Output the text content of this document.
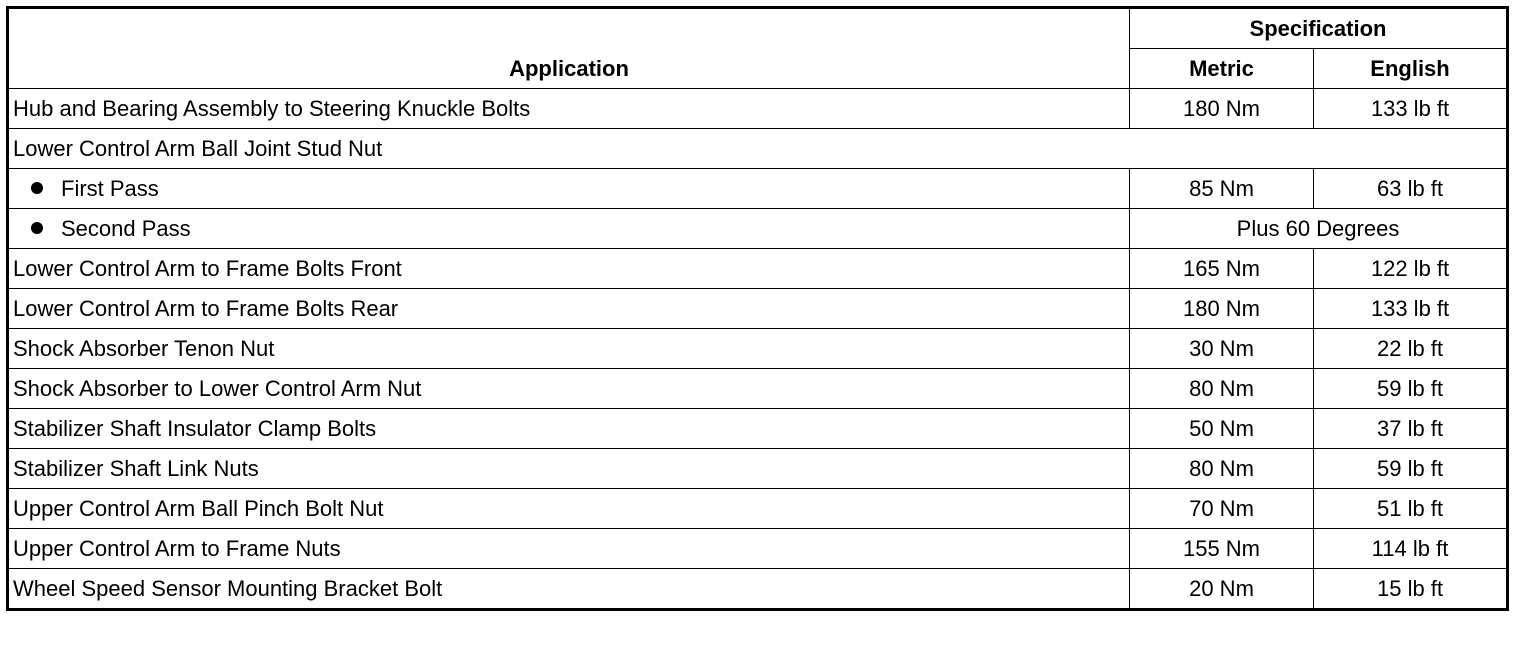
Application	Specification	
	Metric	English
Hub and Bearing Assembly to Steering Knuckle Bolts	180 Nm	133 lb ft
Lower Control Arm Ball Joint Stud Nut		
First Pass	85 Nm	63 lb ft
Second Pass	Plus 60 Degrees	
Lower Control Arm to Frame Bolts Front	165 Nm	122 lb ft
Lower Control Arm to Frame Bolts Rear	180 Nm	133 lb ft
Shock Absorber Tenon Nut	30 Nm	22 lb ft
Shock Absorber to Lower Control Arm Nut	80 Nm	59 lb ft
Stabilizer Shaft Insulator Clamp Bolts	50 Nm	37 lb ft
Stabilizer Shaft Link Nuts	80 Nm	59 lb ft
Upper Control Arm Ball Pinch Bolt Nut	70 Nm	51 lb ft
Upper Control Arm to Frame Nuts	155 Nm	114 lb ft
Wheel Speed Sensor Mounting Bracket Bolt	20 Nm	15 lb ft
